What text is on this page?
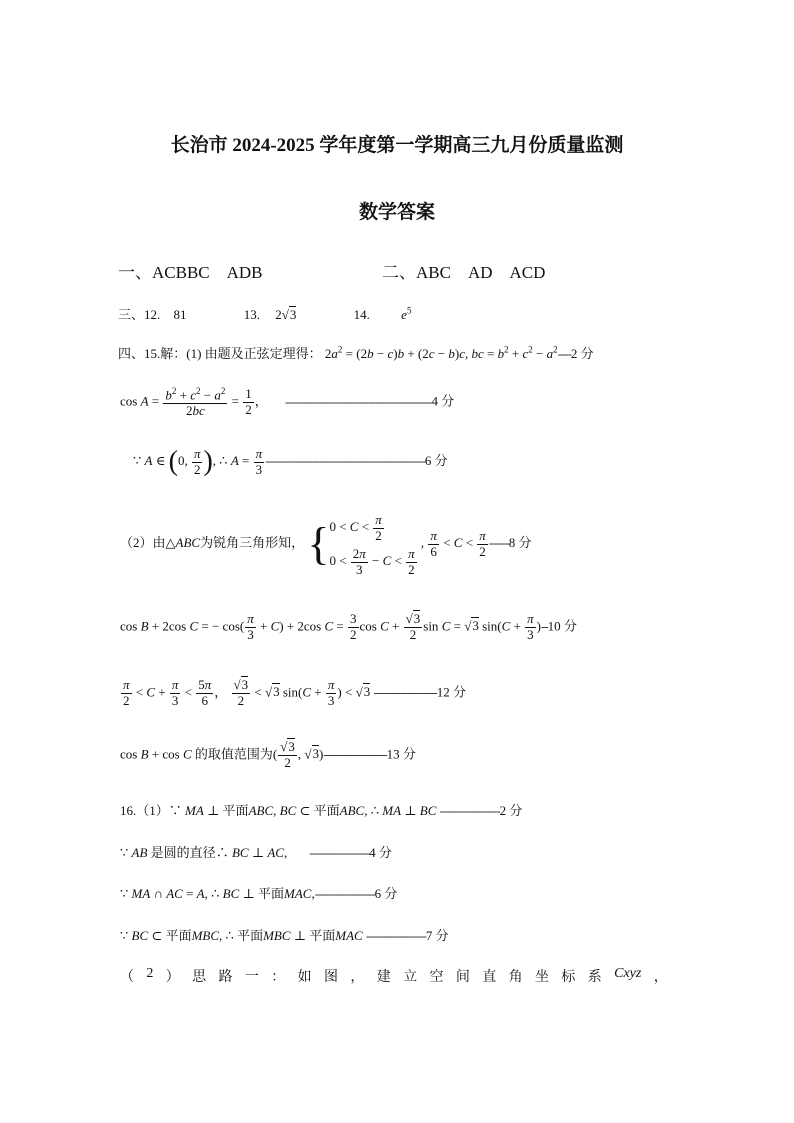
长治市 2024-2025 学年度第一学期高三九月份质量监测
数学答案
一、ACBBC　ADB	二、ABC　AD　ACD
三、12. 81	13. 2√3	14. $e^5$
四、15.解：(1) 由题及正弦定理得： $2a^2 = (2b - c)b + (2c - b)c$, bc = $b^2 + c^2 - a^2----2$ 分
$\cos A = \frac{b^2 + c^2 - a^2}{2bc} = \frac{1}{2}$ ， --------------------------------------------4 分
∵ A ∈ (0, $\frac{\pi}{2}$ ), ∴ $A = \frac{\pi}{3} ------------------------------------------------6$ 分
（2）由△ABC为锐角三角形知， { $0 < C < \frac{\pi}{2}$
$0 < \frac{2\pi}{3} - C < \frac{\pi}{2}$
, $\frac{\pi}{6} < C < \frac{\pi}{2} ------8$ 分
cos B + 2cos C = − $\cos( \frac{\pi}{3} + C) + 2\cos$ $C = \frac{3}{2}$ $\cos C + \frac{√3}{2}$ sin C = √3 $\sin(C + \frac{\pi}{3} )--10$ 分
$\frac{\pi}{2} < C + \frac{\pi}{3} < \frac{5\pi}{6}$ ， $\frac{√3}{2} < √3$ $\sin(C + \frac{\pi}{3}$ ) < √3 -------------------12 分
cos B + cos C 的取值范围为( $\frac{√3}{2}$ , √3)-------------------13 分
16.（1）∵ MA ⊥ 平面ABC, BC ⊂ 平面ABC, ∴ MA ⊥ BC ------------------2 分
∵ AB 是圆的直径∴ BC ⊥ AC, ------------------4 分
∵ MA ∩ AC = A, ∴ BC ⊥ 平面MAC,------------------6 分
∵ BC ⊂ 平面MBC, ∴ 平面MBC ⊥ 平面MAC ------------------7 分
（ 2 ） 思 路 一 ： 如 图 ， 建 立 空 间 直 角 坐 标 系 Cxyz ，
